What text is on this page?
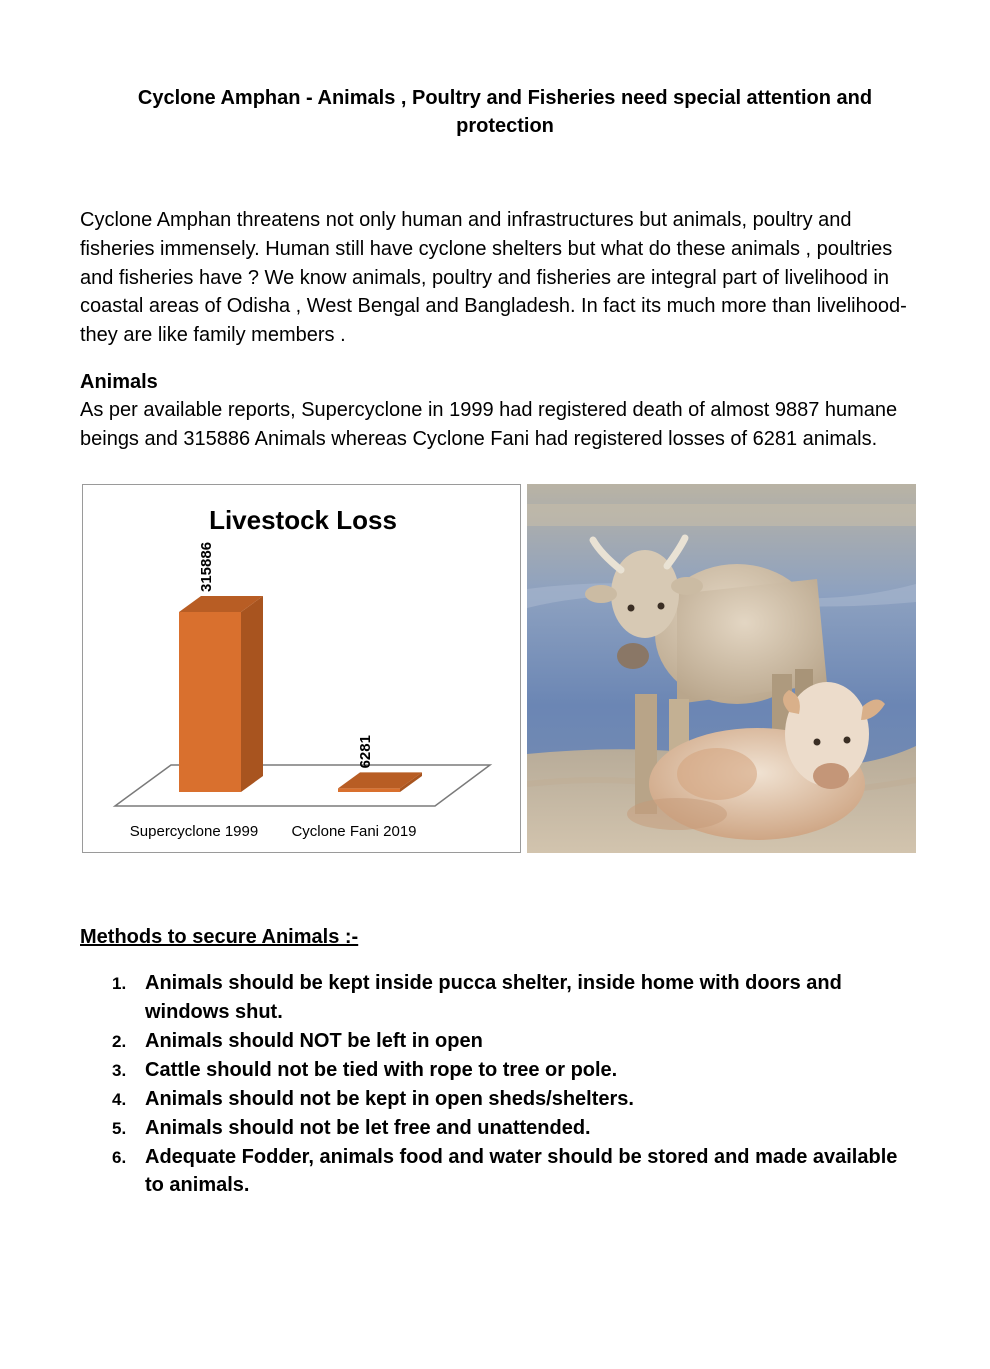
Cyclone Amphan - Animals , Poultry and Fisheries need special attention and protection
Cyclone Amphan threatens not only human and infrastructures but animals, poultry and fisheries immensely. Human still have cyclone shelters but what do these animals , poultries and fisheries have ? We know animals, poultry and fisheries are integral part of livelihood in coastal areas of Odisha , West Bengal and Bangladesh. In fact its much more than livelihood- they are like family members .
Animals
As per available reports, Supercyclone in 1999 had registered death of almost 9887 humane beings and 315886 Animals whereas Cyclone Fani had registered losses of 6281 animals.
Livestock Loss
315886
6281
Supercyclone 1999 Cyclone Fani 2019
Methods to secure Animals :-
1. Animals should be kept inside pucca shelter, inside home with doors and windows shut.
2. Animals should NOT be left in open
3. Cattle should not be tied with rope to tree or pole.
4. Animals should not be kept in open sheds/shelters.
5. Animals should not be let free and unattended.
6. Adequate Fodder, animals food and water should be stored and made available to animals.
